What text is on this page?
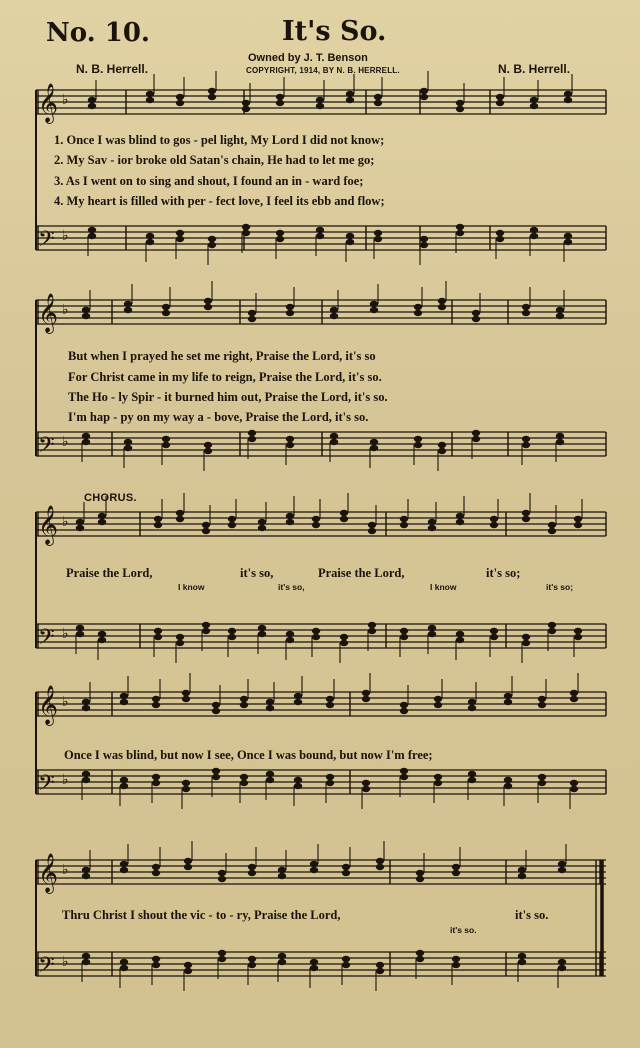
No. 10.	It's So.
Owned by J. T. Benson
COPYRIGHT, 1914, BY N. B. HERRELL.
N. B. Herrell.	N. B. Herrell.
𝄞 ♭
𝄢 ♭
𝄞 ♭
𝄢 ♭
𝄞 ♭
𝄢 ♭
𝄞 ♭
𝄢 ♭
𝄞 ♭
𝄢 ♭
1. Once I was blind to gos - pel light, My Lord I did not know;
2. My Sav - ior broke old Satan's chain, He had to let me go;
3. As I went on to sing and shout, I found an in - ward foe;
4. My heart is filled with per - fect love, I feel its ebb and flow;
But when I prayed he set me right, Praise the Lord, it's so
For Christ came in my life to reign, Praise the Lord, it's so.
The Ho - ly Spir - it burned him out, Praise the Lord, it's so.
I'm hap - py on my way a - bove, Praise the Lord, it's so.
CHORUS.
Praise the Lord,	it's so,	Praise the Lord,	it's so;
I know	it's so,	I know	it's so;
Once I was blind, but now I see, Once I was bound, but now I'm free;
Thru Christ I shout the vic - to - ry, Praise the Lord,	it's so.
it's so.
